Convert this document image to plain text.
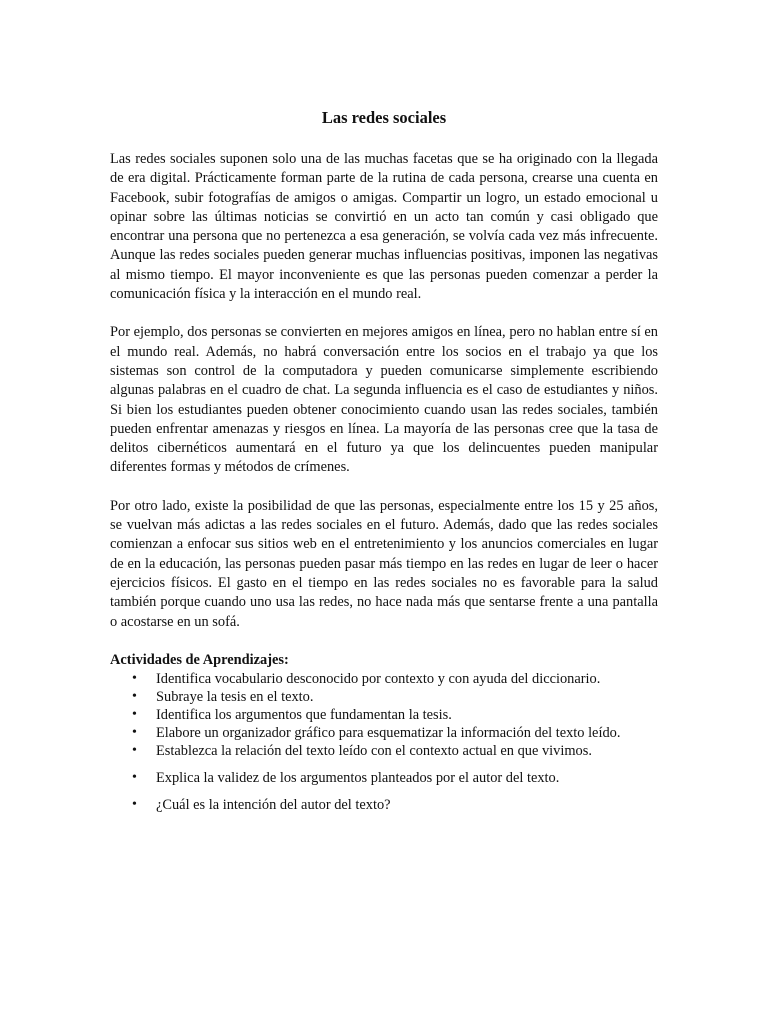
Las redes sociales

Las redes sociales suponen solo una de las muchas facetas que se ha originado con la llegada de era digital. Prácticamente forman parte de la rutina de cada persona, crearse una cuenta en Facebook, subir fotografías de amigos o amigas. Compartir un logro, un estado emocional u opinar sobre las últimas noticias se convirtió en un acto tan común y casi obligado que encontrar una persona que no pertenezca a esa generación, se volvía cada vez más infrecuente. Aunque las redes sociales pueden generar muchas influencias positivas, imponen las negativas al mismo tiempo. El mayor inconveniente es que las personas pueden comenzar a perder la comunicación física y la interacción en el mundo real.

Por ejemplo, dos personas se convierten en mejores amigos en línea, pero no hablan entre sí en el mundo real. Además, no habrá conversación entre los socios en el trabajo ya que los sistemas son control de la computadora y pueden comunicarse simplemente escribiendo algunas palabras en el cuadro de chat. La segunda influencia es el caso de estudiantes y niños. Si bien los estudiantes pueden obtener conocimiento cuando usan las redes sociales, también pueden enfrentar amenazas y riesgos en línea. La mayoría de las personas cree que la tasa de delitos cibernéticos aumentará en el futuro ya que los delincuentes pueden manipular diferentes formas y métodos de crímenes.

Por otro lado, existe la posibilidad de que las personas, especialmente entre los 15 y 25 años, se vuelvan más adictas a las redes sociales en el futuro. Además, dado que las redes sociales comienzan a enfocar sus sitios web en el entretenimiento y los anuncios comerciales en lugar de en la educación, las personas pueden pasar más tiempo en las redes en lugar de leer o hacer ejercicios físicos. El gasto en el tiempo en las redes sociales no es favorable para la salud también porque cuando uno usa las redes, no hace nada más que sentarse frente a una pantalla o acostarse en un sofá.

Actividades de Aprendizajes:

• Identifica vocabulario desconocido por contexto y con ayuda del diccionario.
• Subraye la tesis en el texto.
• Identifica los argumentos que fundamentan la tesis.
• Elabore un organizador gráfico para esquematizar la información del texto leído.
• Establezca la relación del texto leído con el contexto actual en que vivimos.
• Explica la validez de los argumentos planteados por el autor del texto.
• ¿Cuál es la intención del autor del texto?
